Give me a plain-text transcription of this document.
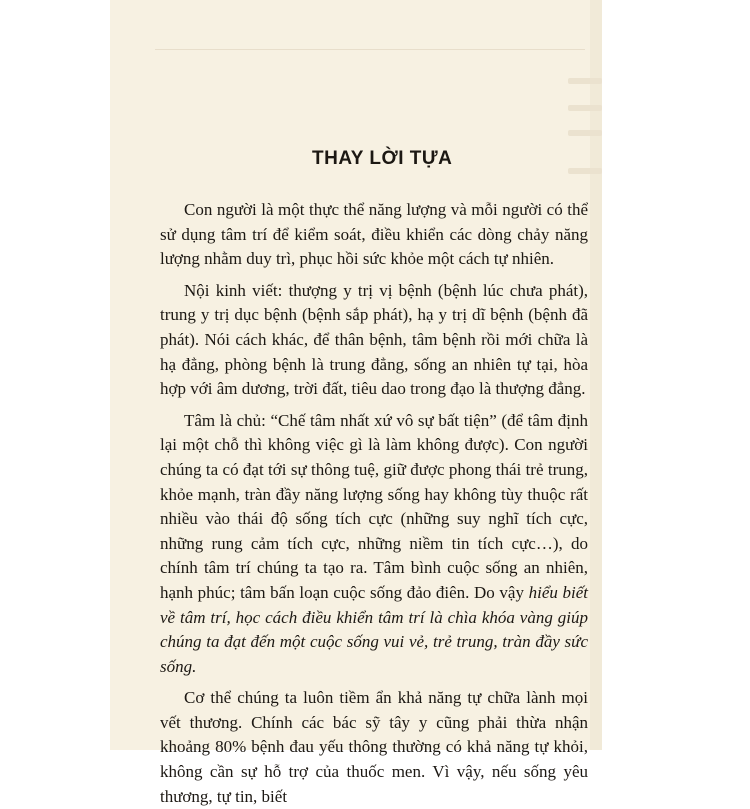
THAY LỜI TỰA

Con người là một thực thể năng lượng và mỗi người có thể sử dụng tâm trí để kiểm soát, điều khiển các dòng chảy năng lượng nhằm duy trì, phục hồi sức khỏe một cách tự nhiên.

Nội kinh viết: thượng y trị vị bệnh (bệnh lúc chưa phát), trung y trị dục bệnh (bệnh sắp phát), hạ y trị dĩ bệnh (bệnh đã phát). Nói cách khác, để thân bệnh, tâm bệnh rồi mới chữa là hạ đẳng, phòng bệnh là trung đẳng, sống an nhiên tự tại, hòa hợp với âm dương, trời đất, tiêu dao trong đạo là thượng đẳng.

Tâm là chủ: “Chế tâm nhất xứ vô sự bất tiện” (để tâm định lại một chỗ thì không việc gì là làm không được). Con người chúng ta có đạt tới sự thông tuệ, giữ được phong thái trẻ trung, khỏe mạnh, tràn đầy năng lượng sống hay không tùy thuộc rất nhiều vào thái độ sống tích cực (những suy nghĩ tích cực, những rung cảm tích cực, những niềm tin tích cực…), do chính tâm trí chúng ta tạo ra. Tâm bình cuộc sống an nhiên, hạnh phúc; tâm bấn loạn cuộc sống đảo điên. Do vậy hiểu biết về tâm trí, học cách điều khiển tâm trí là chìa khóa vàng giúp chúng ta đạt đến một cuộc sống vui vẻ, trẻ trung, tràn đầy sức sống.

Cơ thể chúng ta luôn tiềm ẩn khả năng tự chữa lành mọi vết thương. Chính các bác sỹ tây y cũng phải thừa nhận khoảng 80% bệnh đau yếu thông thường có khả năng tự khỏi, không cần sự hỗ trợ của thuốc men. Vì vậy, nếu sống yêu thương, tự tin, biết
